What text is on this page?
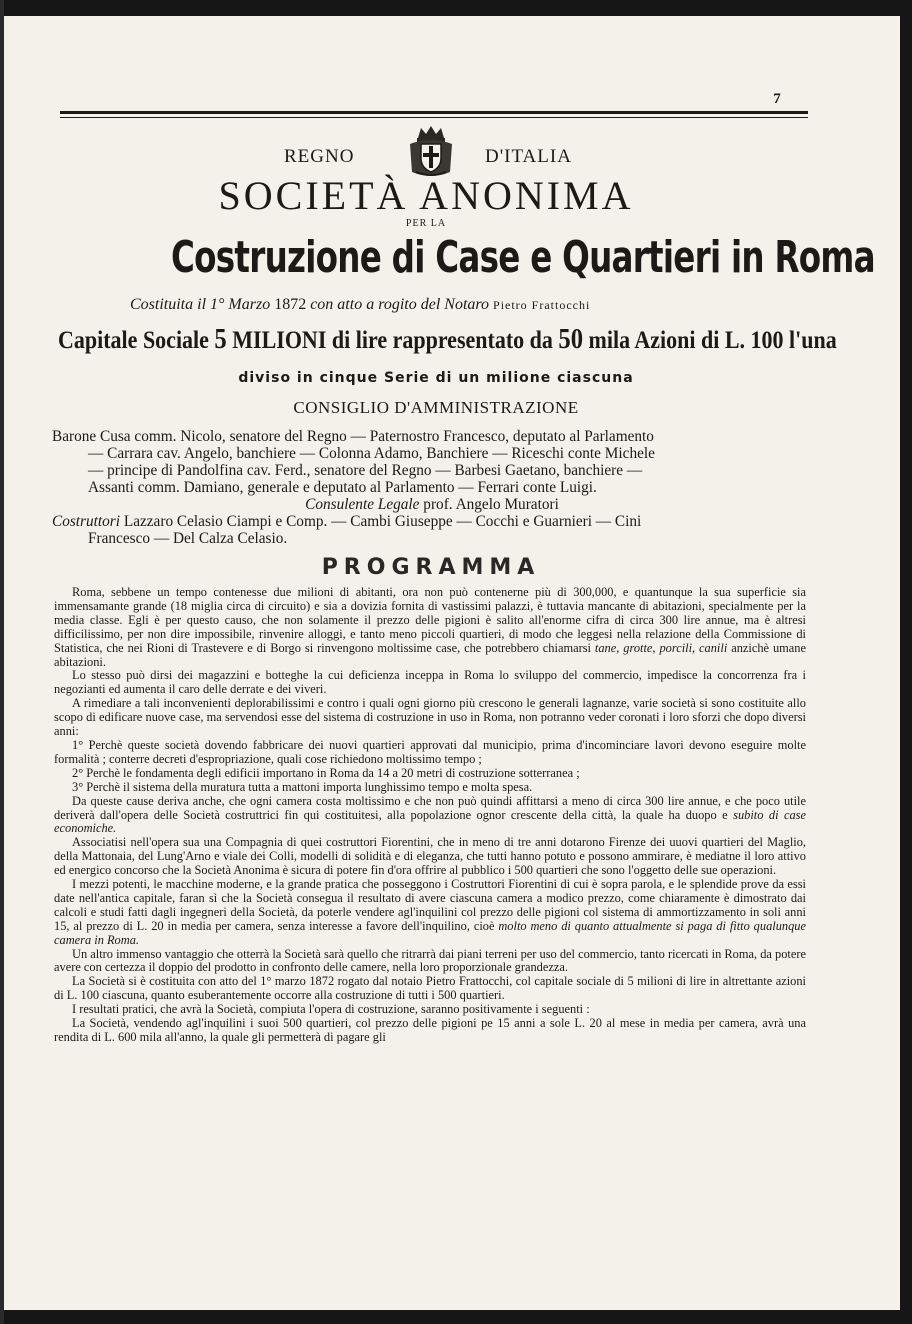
7
REGNO	D'ITALIA
SOCIETÀ ANONIMA
PER LA
Costruzione di Case e Quartieri in Roma
Costituita il 1° Marzo 1872 con atto a rogito del Notaro Pietro Frattocchi
Capitale Sociale 5 MILIONI di lire rappresentato da 50 mila Azioni di L. 100 l'una
diviso in cinque Serie di un milione ciascuna
CONSIGLIO D'AMMINISTRAZIONE
Barone Cusa comm. Nicolo, senatore del Regno — Paternostro Francesco, deputato al Parlamento
— Carrara cav. Angelo, banchiere — Colonna Adamo, Banchiere — Riceschi conte Michele
— principe di Pandolfina cav. Ferd., senatore del Regno — Barbesi Gaetano, banchiere —
Assanti comm. Damiano, generale e deputato al Parlamento — Ferrari conte Luigi.
Consulente Legale prof. Angelo Muratori
Costruttori Lazzaro Celasio Ciampi e Comp. — Cambi Giuseppe — Cocchi e Guarnieri — Cini
Francesco — Del Calza Celasio.
PROGRAMMA

Roma, sebbene un tempo contenesse due milioni di abitanti, ora non può contenerne più di 300,000, e quantunque la sua superficie sia immensamante grande (18 miglia circa di circuito) e sia a dovizia fornita di vastissimi palazzi, è tuttavia mancante di abitazioni, specialmente per la media classe. Egli è per questo causo, che non solamente il prezzo delle pigioni è salito all'enorme cifra di circa 300 lire annue, ma è altresi difficilissimo, per non dire impossibile, rinvenire alloggi, e tanto meno piccoli quartieri, di modo che leggesi nella relazione della Commissione di Statistica, che nei Rioni di Trastevere e di Borgo si rinvengono moltissime case, che potrebbero chiamarsi tane, grotte, porcili, canili anzichè umane abitazioni.

Lo stesso può dirsi dei magazzini e botteghe la cui deficienza inceppa in Roma lo sviluppo del commercio, impedisce la concorrenza fra i negozianti ed aumenta il caro delle derrate e dei viveri.

A rimediare a tali inconvenienti deplorabilissimi e contro i quali ogni giorno più crescono le generali lagnanze, varie società si sono costituite allo scopo di edificare nuove case, ma servendosi esse del sistema di costruzione in uso in Roma, non potranno veder coronati i loro sforzi che dopo diversi anni:

1° Perchè queste società dovendo fabbricare dei nuovi quartieri approvati dal municipio, prima d'incominciare lavori devono eseguire molte formalità ; conterre decreti d'espropriazione, quali cose richiedono moltissimo tempo ;

2° Perchè le fondamenta degli edificii importano in Roma da 14 a 20 metri di costruzione sotterranea ;

3° Perchè il sistema della muratura tutta a mattoni importa lunghissimo tempo e molta spesa.

Da queste cause deriva anche, che ogni camera costa moltissimo e che non può quindi affittarsi a meno di circa 300 lire annue, e che poco utile deriverà dall'opera delle Società costruttrici fin qui costituitesi, alla popolazione ognor crescente della città, la quale ha duopo e subito di case economiche.

Associatisi nell'opera sua una Compagnia di quei costruttori Fiorentini, che in meno di tre anni dotarono Firenze dei uuovi quartieri del Maglio, della Mattonaia, del Lung'Arno e viale dei Colli, modelli di solidità e di eleganza, che tutti hanno potuto e possono ammirare, è mediatne il loro attivo ed energico concorso che la Società Anonima è sicura di potere fin d'ora offrire al pubblico i 500 quartieri che sono l'oggetto delle sue operazioni.

I mezzi potenti, le macchine moderne, e la grande pratica che posseggono i Costruttori Fiorentini di cui è sopra parola, e le splendide prove da essi date nell'antica capitale, faran sì che la Società consegua il resultato di avere ciascuna camera a modico prezzo, come chiaramente è dimostrato dai calcoli e studi fatti dagli ingegneri della Società, da poterle vendere agl'inquilini col prezzo delle pigioni col sistema di ammortizzamento in soli anni 15, al prezzo di L. 20 in media per camera, senza interesse a favore dell'inquilino, cioè molto meno di quanto attualmente si paga di fitto qualunque camera in Roma.

Un altro immenso vantaggio che otterrà la Società sarà quello che ritrarrà dai piani terreni per uso del commercio, tanto ricercati in Roma, da potere avere con certezza il doppio del prodotto in confronto delle camere, nella loro proporzionale grandezza.

La Società si è costituita con atto del 1° marzo 1872 rogato dal notaio Pietro Frattocchi, col capitale sociale di 5 milioni di lire in altrettante azioni di L. 100 ciascuna, quanto esuberantemente occorre alla costruzione di tutti i 500 quartieri.

I resultati pratici, che avrà la Società, compiuta l'opera di costruzione, saranno positivamente i seguenti :

La Società, vendendo agl'inquilini i suoi 500 quartieri, col prezzo delle pigioni pe 15 anni a sole L. 20 al mese in media per camera, avrà una rendita di L. 600 mila all'anno, la quale gli permetterà di pagare gli
